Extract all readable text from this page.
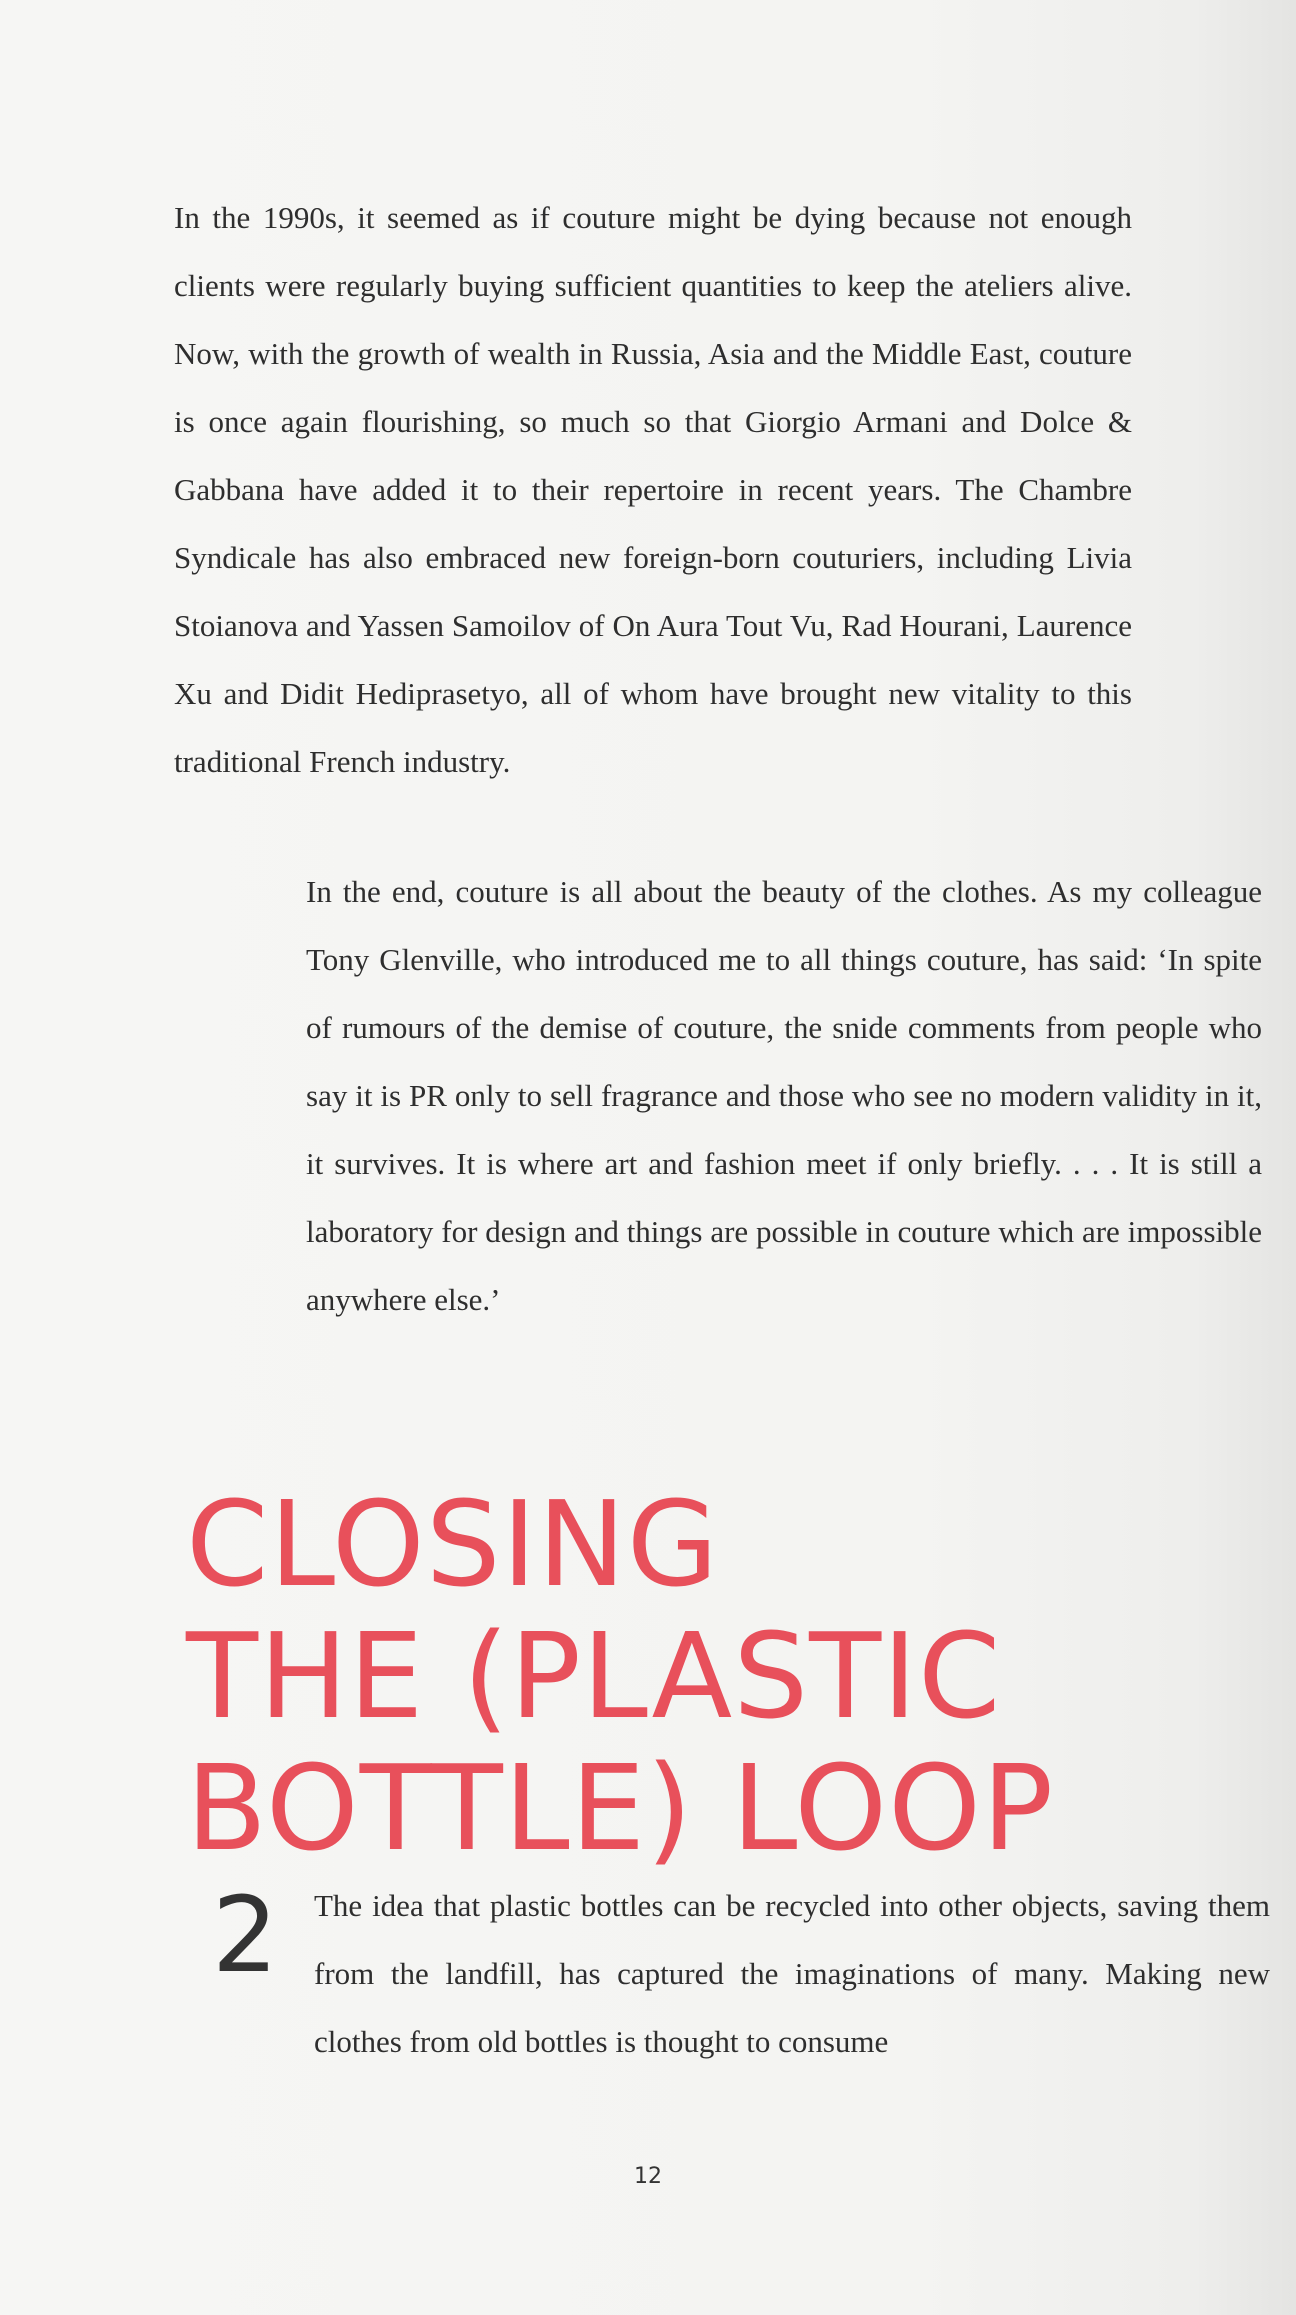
In the 1990s, it seemed as if couture might be dying because not enough clients were regularly buying sufficient quantities to keep the ateliers alive. Now, with the growth of wealth in Russia, Asia and the Middle East, couture is once again flourishing, so much so that Giorgio Armani and Dolce & Gabbana have added it to their repertoire in recent years. The Chambre Syndicale has also embraced new foreign-born couturiers, including Livia Stoianova and Yassen Samoilov of On Aura Tout Vu, Rad Hourani, Laurence Xu and Didit Hediprasetyo, all of whom have brought new vitality to this traditional French industry.

In the end, couture is all about the beauty of the clothes. As my colleague Tony Glenville, who introduced me to all things couture, has said: ‘In spite of rumours of the demise of couture, the snide comments from people who say it is PR only to sell fragrance and those who see no modern validity in it, it survives. It is where art and fashion meet if only briefly. . . . It is still a laboratory for design and things are possible in couture which are impossible anywhere else.’

CLOSING
THE (PLASTIC
BOTTLE) LOOP
2 The idea that plastic bottles can be recycled into other objects, saving them from the landfill, has captured the imaginations of many. Making new clothes from old bottles is thought to consume

12
